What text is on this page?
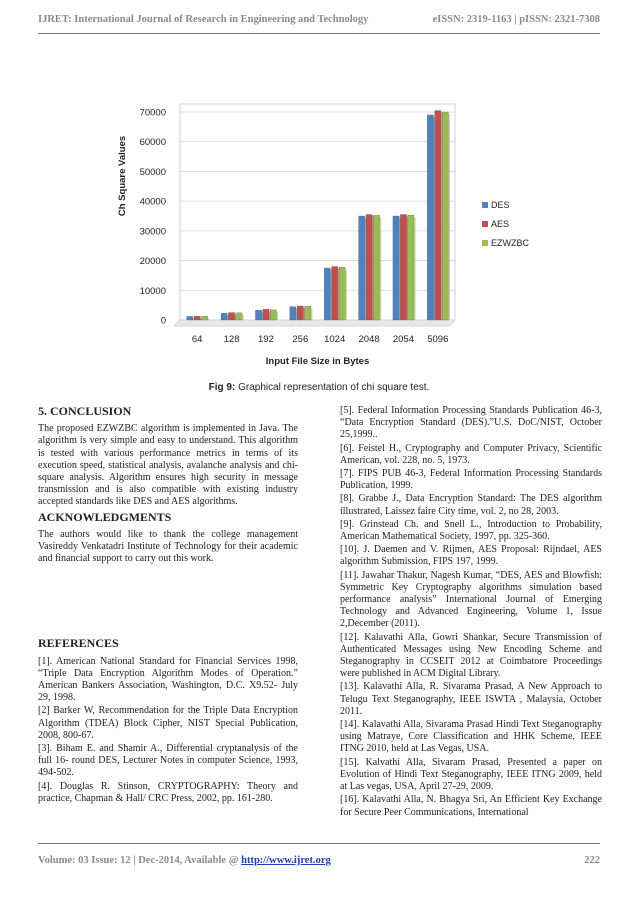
IJRET: International Journal of Research in Engineering and Technology	eISSN: 2319-1163 | pISSN: 2321-7308
0
10000
20000
30000
40000
50000
60000
70000
64 128 192 256 1024 2048 2054 5096
Input File Size in Bytes
Ch Square Values	DES
AES
EZWZBC
Fig 9: Graphical representation of chi square test.
5. CONCLUSION

The proposed EZWZBC algorithm is implemented in Java. The algorithm is very simple and easy to understand. This algorithm is tested with various performance metrics in terms of its execution speed, statistical analysis, avalanche analysis and chi-square analysis. Algorithm ensures high security in message transmission and is also compatible with existing industry accepted standards like DES and AES algorithms.

ACKNOWLEDGMENTS

The authors would like to thank the college management Vasireddy Venkatadri Institute of Technology for their academic and financial support to carry out this work.

REFERENCES

[1]. American National Standard for Financial Services 1998, “Triple Data Encryption Algorithm Modes of Operation.” American Bankers Association, Washington, D.C. X9.52- July 29, 1998.

[2] Barker W, Recommendation for the Triple Data Encryption Algorithm (TDEA) Block Cipher, NIST Special Publication, 2008, 800-67.

[3]. Biham E. and Shamir A., Differential cryptanalysis of the full 16- round DES, Lecturer Notes in computer Science, 1993, 494-502.

[4]. Douglas R. Stinson, CRYPTOGRAPHY: Theory and practice, Chapman & Hall/ CRC Press, 2002, pp. 161-280.

[5]. Federal Information Processing Standards Publication 46-3, “Data Encryption Standard (DES).”U.S. DoC/NIST, October 25,1999..

[6]. Feistel H., Cryptography and Computer Privacy, Scientific American, vol. 228, no. 5, 1973.

[7]. FIPS PUB 46-3, Federal Information Processing Standards Publication, 1999.

[8]. Grabbe J., Data Encryption Standard: The DES algorithm illustrated, Laissez faire City time, vol. 2, no 28, 2003.

[9]. Grinstead Ch. and Snell L., Introduction to Probability, American Mathematical Society, 1997, pp. 325-360.

[10]. J. Daemen and V. Rijmen, AES Proposal: Rijndael, AES algorithm Submission, FIPS 197, 1999.

[11]. Jawahar Thakur, Nagesh Kumar, “DES, AES and Blowfish: Symmetric Key Cryptography algorithms simulation based performance analysis” International Journal of Emerging Technology and Advanced Engineering, Volume 1, Issue 2,December (2011).

[12]. Kalavathi Alla, Gowri Shankar, Secure Transmission of Authenticated Messages using New Encoding Scheme and Steganography in CCSEIT 2012 at Coimbatore Proceedings were published in ACM Digital Library.

[13]. Kalavathi Alla, R. Sivarama Prasad, A New Approach to Telugu Text Steganography, IEEE ISWTA , Malaysia, October 2011.

[14]. Kalavathi Alla, Sivarama Prasad Hindi Text Steganography using Matraye, Core Classification and HHK Scheme, IEEE ITNG 2010, held at Las Vegas, USA.

[15]. Kalvathi Alla, Sivaram Prasad, Presented a paper on Evolution of Hindi Text Steganography, IEEE ITNG 2009, held at Las vegas, USA, April 27-29, 2009.

[16]. Kalavathi Alla, N. Bhagya Sri, An Efficient Key Exchange for Secure Peer Communications, International

Volume: 03 Issue: 12 | Dec-2014, Available @ http://www.ijret.org	222
